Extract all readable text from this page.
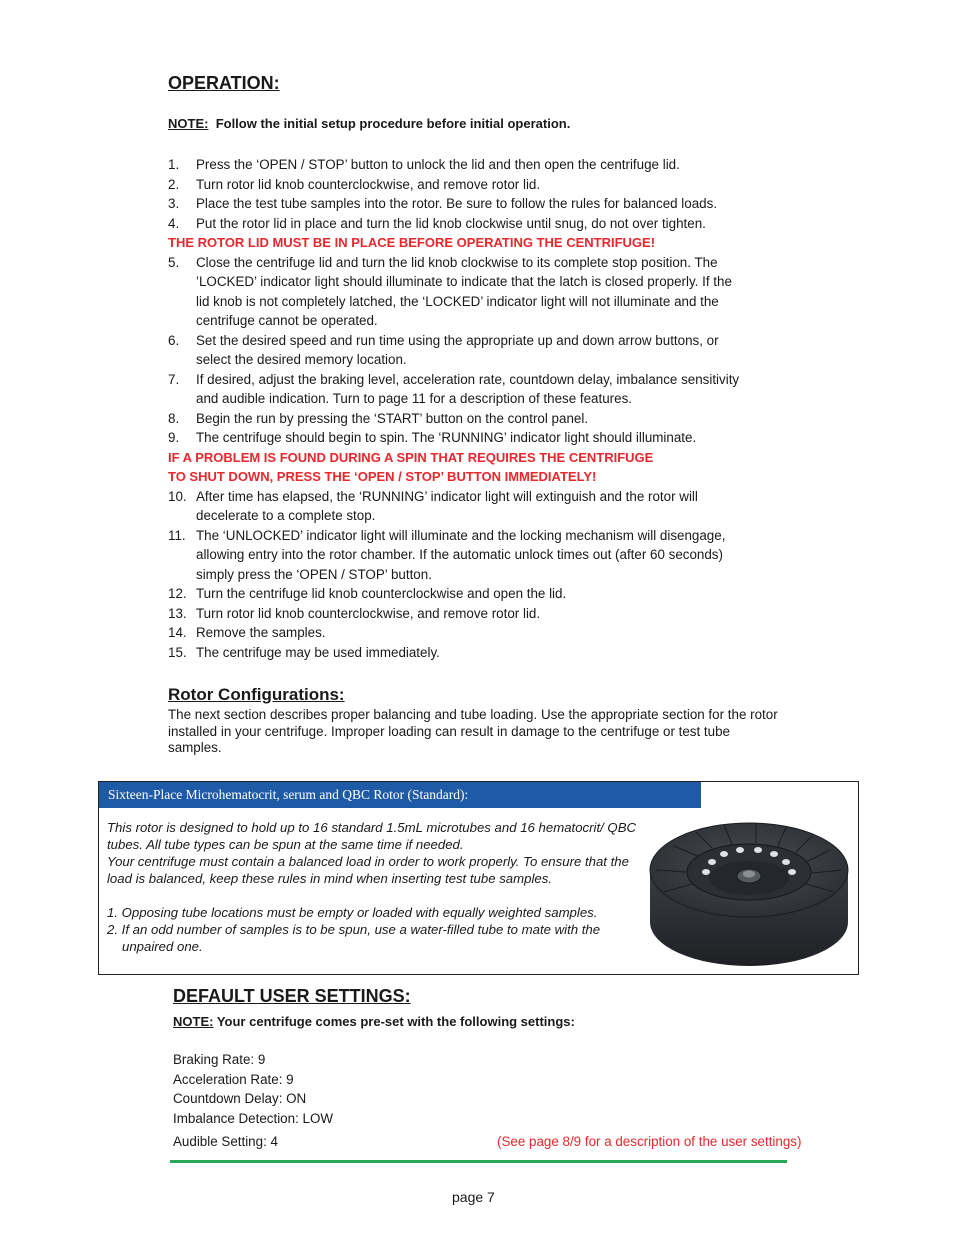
OPERATION:
NOTE: Follow the initial setup procedure before initial operation.
1.	Press the ‘OPEN / STOP’ button to unlock the lid and then open the centrifuge lid.
2.	Turn rotor lid knob counterclockwise, and remove rotor lid.
3.	Place the test tube samples into the rotor. Be sure to follow the rules for balanced loads.
4.	Put the rotor lid in place and turn the lid knob clockwise until snug, do not over tighten.
THE ROTOR LID MUST BE IN PLACE BEFORE OPERATING THE CENTRIFUGE!
5.	Close the centrifuge lid and turn the lid knob clockwise to its complete stop position. The ’LOCKED’ indicator light should illuminate to indicate that the latch is closed properly. If the lid knob is not completely latched, the ‘LOCKED’ indicator light will not illuminate and the centrifuge cannot be operated.
6.	Set the desired speed and run time using the appropriate up and down arrow buttons, or select the desired memory location.
7.	If desired, adjust the braking level, acceleration rate, countdown delay, imbalance sensitivity and audible indication. Turn to page 11 for a description of these features.
8.	Begin the run by pressing the ‘START’ button on the control panel.
9.	The centrifuge should begin to spin. The ‘RUNNING’ indicator light should illuminate.
IF A PROBLEM IS FOUND DURING A SPIN THAT REQUIRES THE CENTRIFUGE
TO SHUT DOWN, PRESS THE ‘OPEN / STOP’ BUTTON IMMEDIATELY!
10. After time has elapsed, the ‘RUNNING’ indicator light will extinguish and the rotor will decelerate to a complete stop.
11. The ‘UNLOCKED’ indicator light will illuminate and the locking mechanism will disengage, allowing entry into the rotor chamber. If the automatic unlock times out (after 60 seconds) simply press the ‘OPEN / STOP’ button.
12. Turn the centrifuge lid knob counterclockwise and open the lid.
13. Turn rotor lid knob counterclockwise, and remove rotor lid.
14. Remove the samples.
15. The centrifuge may be used immediately.
Rotor Configurations:
The next section describes proper balancing and tube loading. Use the appropriate section for the rotor installed in your centrifuge. Improper loading can result in damage to the centrifuge or test tube samples.
Sixteen-Place Microhematocrit, serum and QBC Rotor (Standard):
This rotor is designed to hold up to 16 standard 1.5mL microtubes and 16 hematocrit/ QBC tubes. All tube types can be spun at the same time if needed.
Your centrifuge must contain a balanced load in order to work properly. To ensure that the load is balanced, keep these rules in mind when inserting test tube samples.
1. Opposing tube locations must be empty or loaded with equally weighted samples.
2. If an odd number of samples is to be spun, use a water-filled tube to mate with the unpaired one.
DEFAULT USER SETTINGS:
NOTE: Your centrifuge comes pre-set with the following settings:
Braking Rate: 9
Acceleration Rate: 9
Countdown Delay: ON
Imbalance Detection: LOW
Audible Setting: 4	(See page 8/9 for a description of the user settings)
page 7
